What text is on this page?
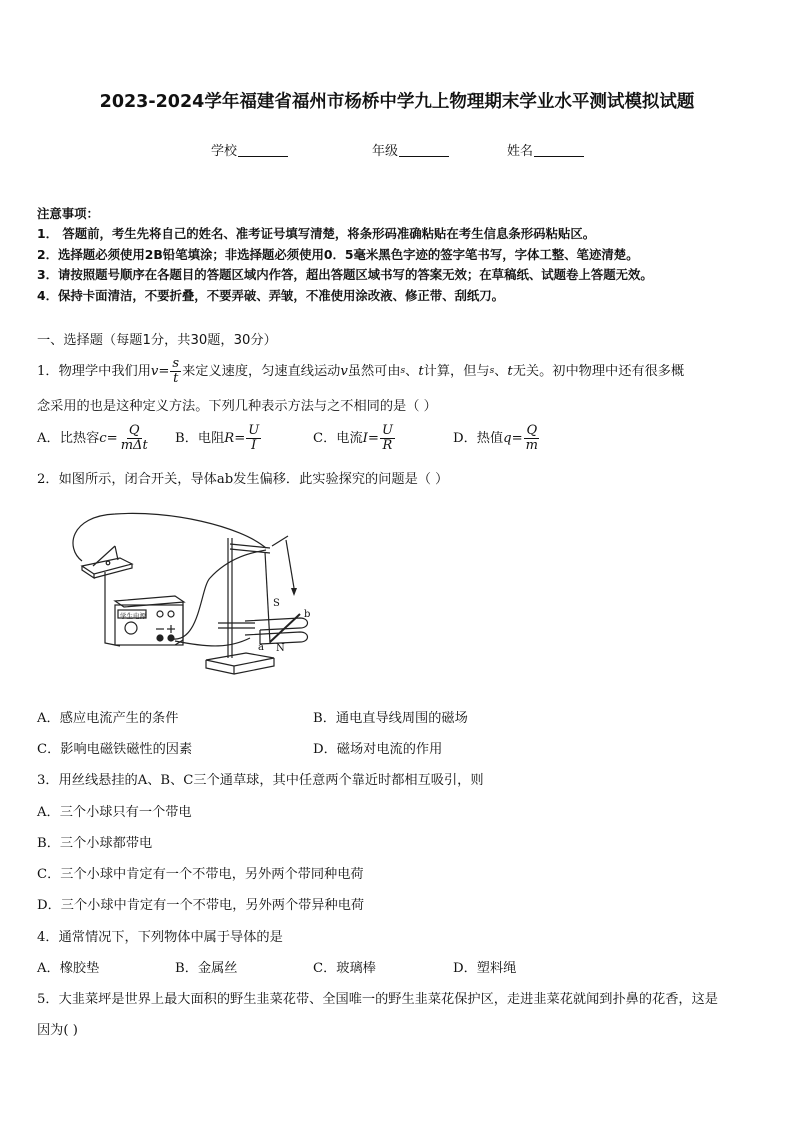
2023-2024学年福建省福州市杨桥中学九上物理期末学业水平测试模拟试题
学校	年级	姓名
注意事项：
1． 答题前，考生先将自己的姓名、准考证号填写清楚，将条形码准确粘贴在考生信息条形码粘贴区。
2．选择题必须使用2B铅笔填涂；非选择题必须使用0．5毫米黑色字迹的签字笔书写，字体工整、笔迹清楚。
3．请按照题号顺序在各题目的答题区域内作答，超出答题区域书写的答案无效；在草稿纸、试题卷上答题无效。
4．保持卡面清洁，不要折叠，不要弄破、弄皱，不准使用涂改液、修正带、刮纸刀。
一、选择题（每题1分，共30题，30分）
1．物理学中我们用$v= \frac{s}{t}$ 来定义速度，匀速直线运动v虽然可由s、t计算，但与s、t无关。初中物理中还有很多概
念采用的也是这种定义方法。下列几种表示方法与之不相同的是（ ）
A．比热容$c= \frac{Q}{\text{mΔt}}$ B．电阻$R= \frac{U}{I}$	C．电流$I= \frac{U}{R}$	D．热值$q= \frac{Q}{m}$
2．如图所示，闭合开关，导体ab发生偏移．此实验探究的问题是（ ）
学生电源
S
N
a
b
A．感应电流产生的条件	B．通电直导线周围的磁场
C．影响电磁铁磁性的因素	D．磁场对电流的作用
3．用丝线悬挂的A、B、C三个通草球，其中任意两个靠近时都相互吸引，则
A．三个小球只有一个带电
B．三个小球都带电
C．三个小球中肯定有一个不带电，另外两个带同种电荷
D．三个小球中肯定有一个不带电，另外两个带异种电荷
4．通常情况下，下列物体中属于导体的是
A．橡胶垫	B．金属丝	C．玻璃棒	D．塑料绳
5．大韭菜坪是世界上最大面积的野生韭菜花带、全国唯一的野生韭菜花保护区，走进韭菜花就闻到扑鼻的花香，这是
因为( )
